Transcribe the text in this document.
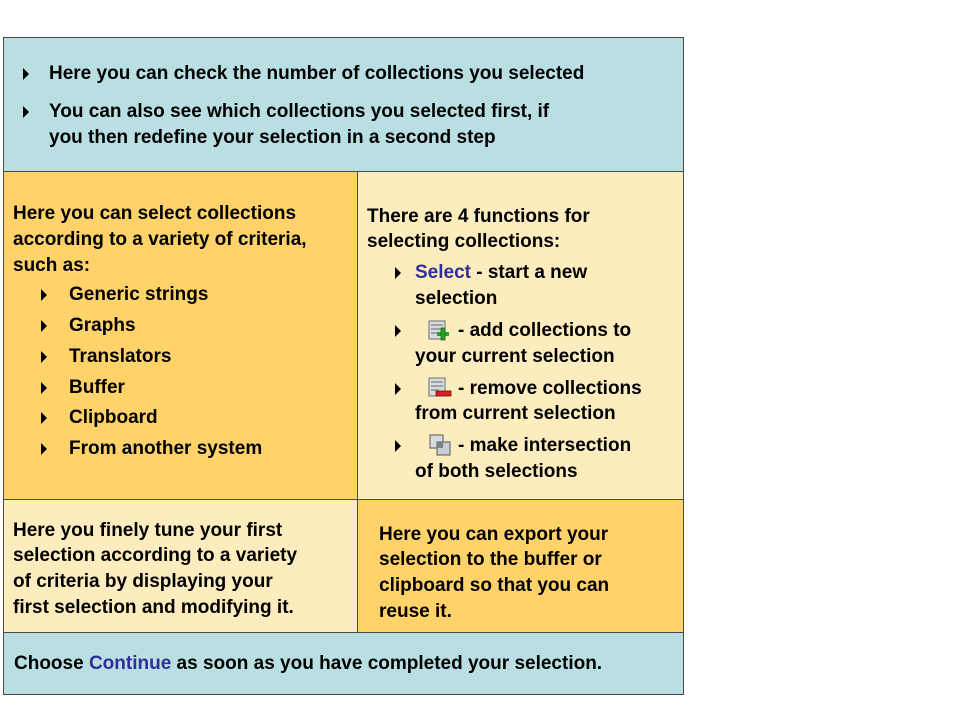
Here you can check the number of collections you selected
You can also see which collections you selected first, if
you then redefine your selection in a second step
Here you can select collections
according to a variety of criteria,
such as:
Generic strings
Graphs
Translators
Buffer
Clipboard
From another system
There are 4 functions for
selecting collections:
Select - start a new
selection
- add collections to
your current selection
- remove collections
from current selection
- make intersection
of both selections
Here you finely tune your first
selection according to a variety
of criteria by displaying your
first selection and modifying it.
Here you can export your
selection to the buffer or
clipboard so that you can
reuse it.
Choose Continue as soon as you have completed your selection.
